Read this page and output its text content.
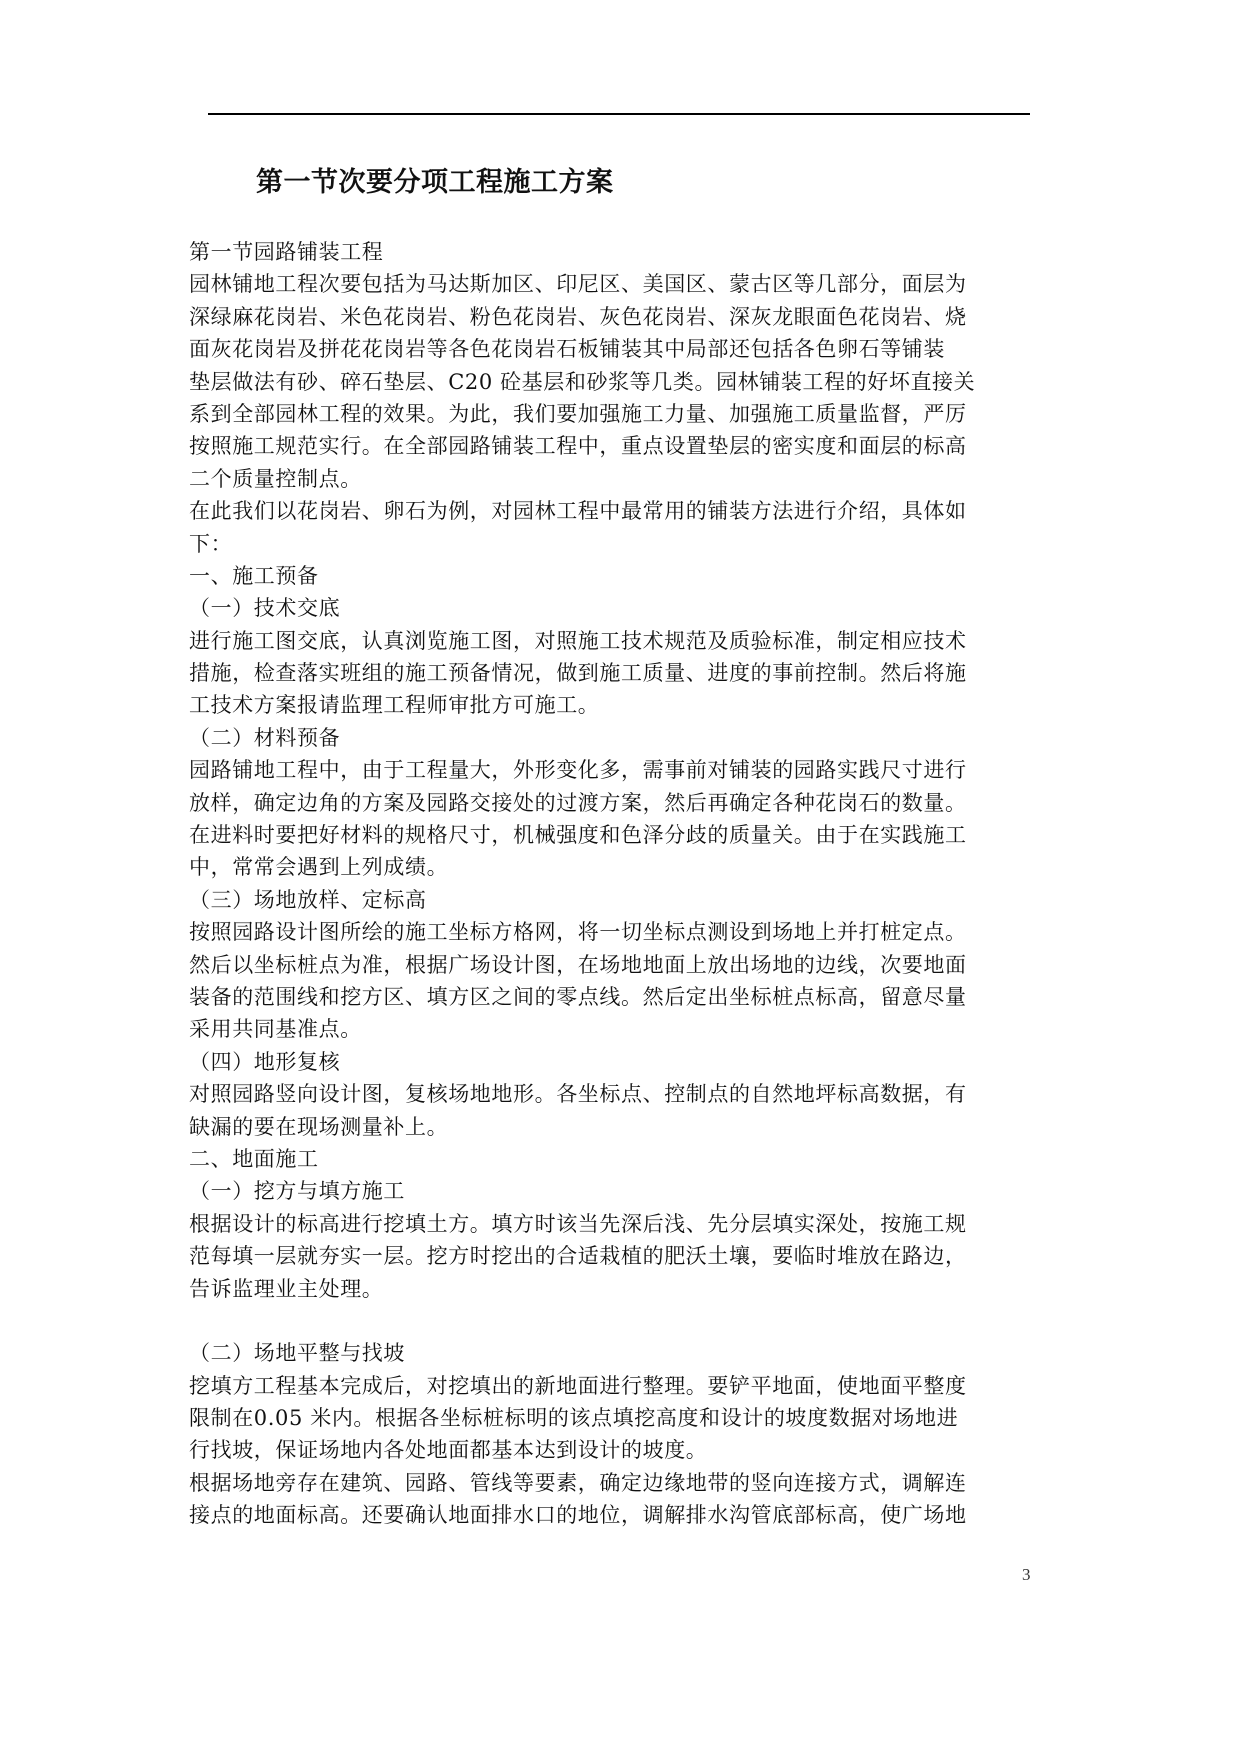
第一节次要分项工程施工方案
第一节园路铺装工程
园林铺地工程次要包括为马达斯加区、印尼区、美国区、蒙古区等几部分，面层为
深绿麻花岗岩、米色花岗岩、粉色花岗岩、灰色花岗岩、深灰龙眼面色花岗岩、烧
面灰花岗岩及拼花花岗岩等各色花岗岩石板铺装其中局部还包括各色卵石等铺装
垫层做法有砂、碎石垫层、C20 砼基层和砂浆等几类。园林铺装工程的好坏直接关
系到全部园林工程的效果。为此，我们要加强施工力量、加强施工质量监督，严厉
按照施工规范实行。在全部园路铺装工程中，重点设置垫层的密实度和面层的标高
二个质量控制点。
在此我们以花岗岩、卵石为例，对园林工程中最常用的铺装方法进行介绍，具体如
下：
一、施工预备
（一）技术交底
进行施工图交底，认真浏览施工图，对照施工技术规范及质验标准，制定相应技术
措施，检查落实班组的施工预备情况，做到施工质量、进度的事前控制。然后将施
工技术方案报请监理工程师审批方可施工。
（二）材料预备
园路铺地工程中，由于工程量大，外形变化多，需事前对铺装的园路实践尺寸进行
放样，确定边角的方案及园路交接处的过渡方案，然后再确定各种花岗石的数量。
在进料时要把好材料的规格尺寸，机械强度和色泽分歧的质量关。由于在实践施工
中，常常会遇到上列成绩。
（三）场地放样、定标高
按照园路设计图所绘的施工坐标方格网，将一切坐标点测设到场地上并打桩定点。
然后以坐标桩点为准，根据广场设计图，在场地地面上放出场地的边线，次要地面
装备的范围线和挖方区、填方区之间的零点线。然后定出坐标桩点标高，留意尽量
采用共同基准点。
（四）地形复核
对照园路竖向设计图，复核场地地形。各坐标点、控制点的自然地坪标高数据，有
缺漏的要在现场测量补上。
二、地面施工
（一）挖方与填方施工
根据设计的标高进行挖填土方。填方时该当先深后浅、先分层填实深处，按施工规
范每填一层就夯实一层。挖方时挖出的合适栽植的肥沃土壤，要临时堆放在路边，
告诉监理业主处理。
（二）场地平整与找坡
挖填方工程基本完成后，对挖填出的新地面进行整理。要铲平地面，使地面平整度
限制在0.05 米内。根据各坐标桩标明的该点填挖高度和设计的坡度数据对场地进
行找坡，保证场地内各处地面都基本达到设计的坡度。
根据场地旁存在建筑、园路、管线等要素，确定边缘地带的竖向连接方式，调解连
接点的地面标高。还要确认地面排水口的地位，调解排水沟管底部标高，使广场地
3
